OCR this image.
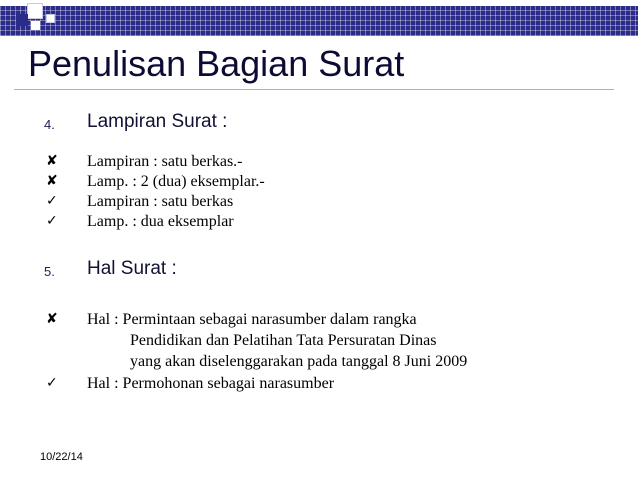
Penulisan Bagian Surat
4. Lampiran Surat :
✘ Lampiran : satu berkas.-
✘ Lamp. : 2 (dua) eksemplar.-
✓ Lampiran : satu berkas
✓ Lamp. : dua eksemplar
5. Hal Surat :
✘ Hal : Permintaan sebagai narasumber dalam rangka
Pendidikan dan Pelatihan Tata Persuratan Dinas
yang akan diselenggarakan pada tanggal 8 Juni 2009
✓ Hal : Permohonan sebagai narasumber
10/22/14
